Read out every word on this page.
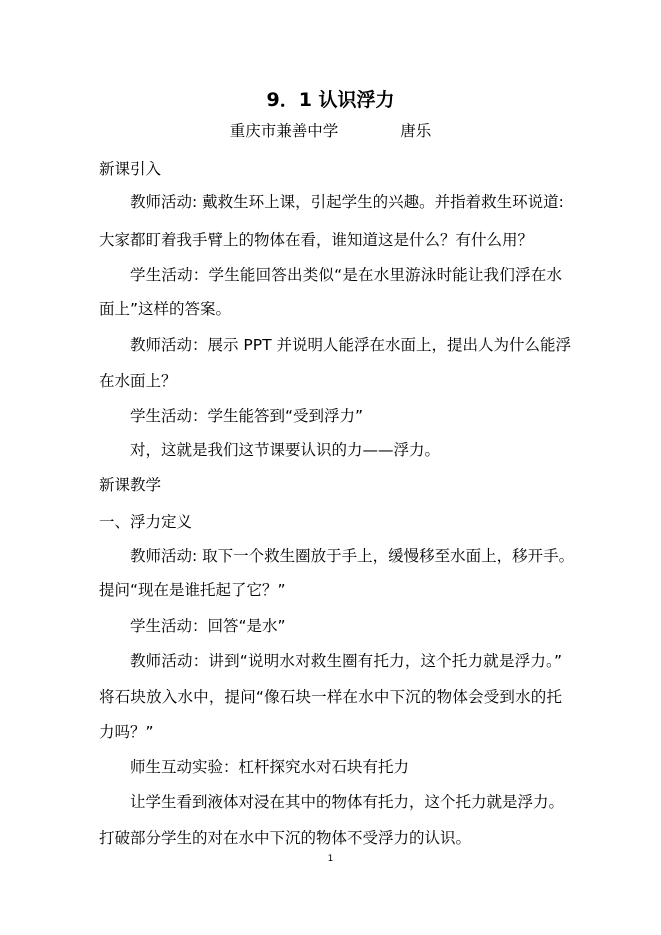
9．1 认识浮力
重庆市兼善中学	唐乐
新课引入
教师活动: 戴救生环上课，引起学生的兴趣。并指着救生环说道:
大家都盯着我手臂上的物体在看，谁知道这是什么？有什么用？
学生活动：学生能回答出类似“是在水里游泳时能让我们浮在水
面上”这样的答案。
教师活动：展示 PPT 并说明人能浮在水面上，提出人为什么能浮
在水面上？
学生活动：学生能答到“受到浮力”
对，这就是我们这节课要认识的力——浮力。
新课教学
一、浮力定义
教师活动: 取下一个救生圈放于手上，缓慢移至水面上，移开手。
提问“现在是谁托起了它？”
学生活动：回答“是水”
教师活动：讲到“说明水对救生圈有托力，这个托力就是浮力。”
将石块放入水中，提问“像石块一样在水中下沉的物体会受到水的托
力吗？”
师生互动实验：杠杆探究水对石块有托力
让学生看到液体对浸在其中的物体有托力，这个托力就是浮力。
打破部分学生的对在水中下沉的物体不受浮力的认识。
1
